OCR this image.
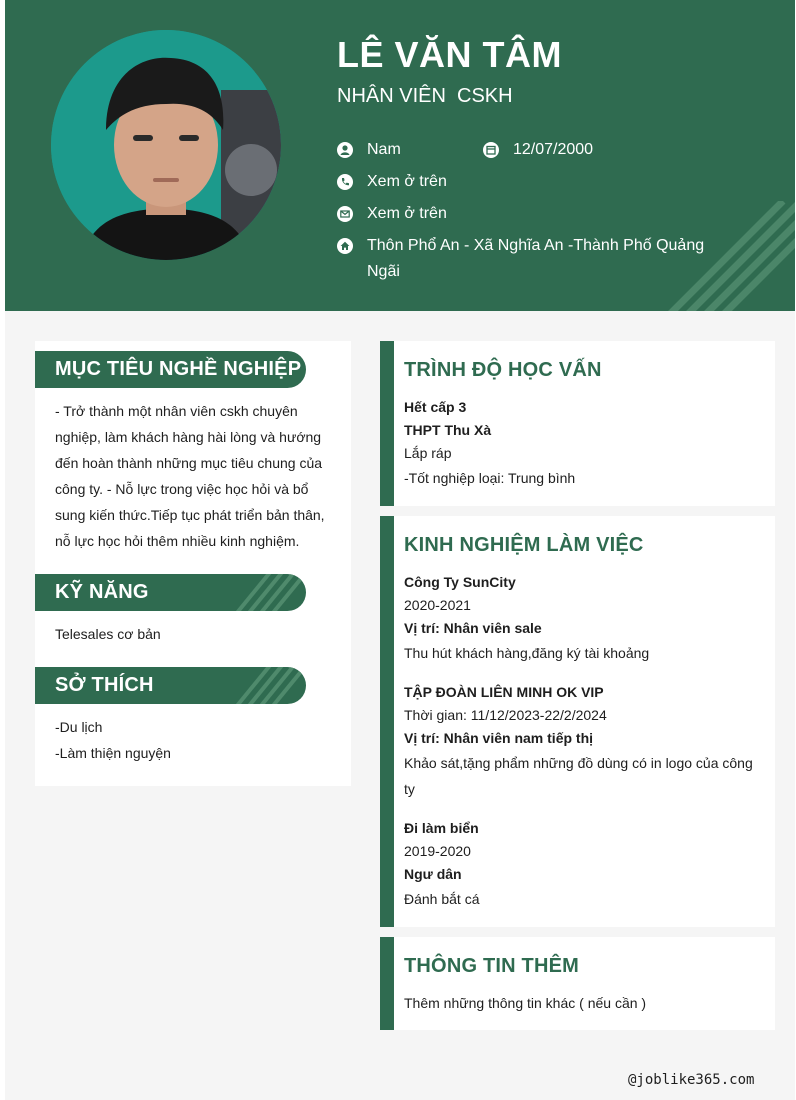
LÊ VĂN TÂM
NHÂN VIÊN  CSKH
Nam	12/07/2000
Xem ở trên
Xem ở trên
Thôn Phổ An - Xã Nghĩa An -Thành Phố Quảng
Ngãi
MỤC TIÊU NGHỀ NGHIỆP
- Trở thành một nhân viên cskh chuyên
nghiệp, làm khách hàng hài lòng và hướng
đến hoàn thành những mục tiêu chung của
công ty. - Nỗ lực trong việc học hỏi và bổ
sung kiến thức.Tiếp tục phát triển bản thân,
nỗ lực học hỏi thêm nhiều kinh nghiệm.
KỸ NĂNG
Telesales cơ bản
SỞ THÍCH
-Du lịch
-Làm thiện nguyện
TRÌNH ĐỘ HỌC VẤN
Hết cấp 3
THPT Thu Xà
Lắp ráp
-Tốt nghiệp loại: Trung bình
KINH NGHIỆM LÀM VIỆC
Công Ty SunCity
2020-2021
Vị trí: Nhân viên sale
Thu hút khách hàng,đăng ký tài khoảng
TẬP ĐOÀN LIÊN MINH OK VIP
Thời gian: 11/12/2023-22/2/2024
Vị trí: Nhân viên nam tiếp thị
Khảo sát,tặng phẩm những đồ dùng có in logo của công
ty
Đi làm biển
2019-2020
Ngư dân
Đánh bắt cá
THÔNG TIN THÊM
Thêm những thông tin khác ( nếu cần )
@joblike365.com
